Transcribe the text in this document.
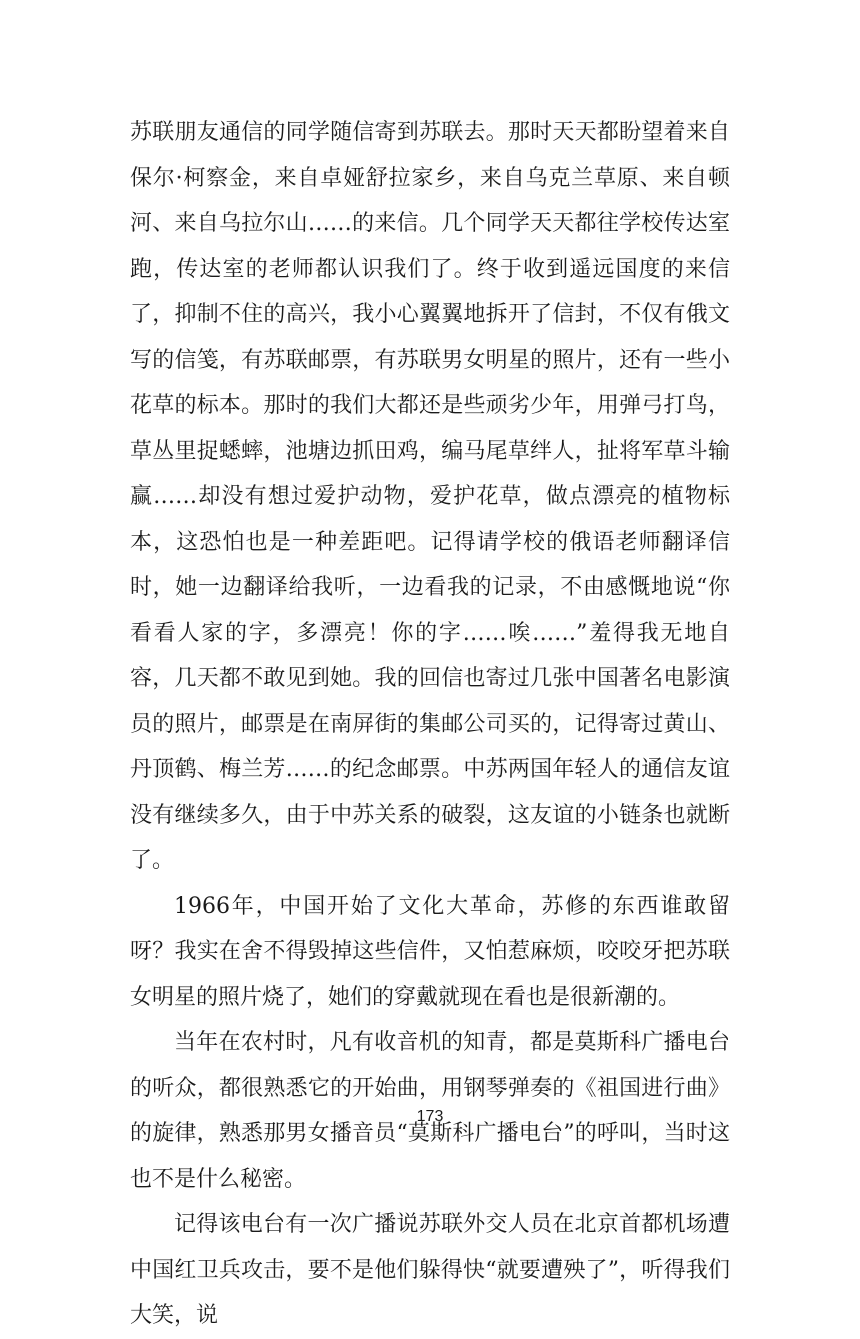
苏联朋友通信的同学随信寄到苏联去。那时天天都盼望着来自保尔·柯察金，来自卓娅舒拉家乡，来自乌克兰草原、来自顿河、来自乌拉尔山……的来信。几个同学天天都往学校传达室跑，传达室的老师都认识我们了。终于收到遥远国度的来信了，抑制不住的高兴，我小心翼翼地拆开了信封，不仅有俄文写的信笺，有苏联邮票，有苏联男女明星的照片，还有一些小花草的标本。那时的我们大都还是些顽劣少年，用弹弓打鸟，草丛里捉蟋蟀，池塘边抓田鸡，编马尾草绊人，扯将军草斗输赢……却没有想过爱护动物，爱护花草，做点漂亮的植物标本，这恐怕也是一种差距吧。记得请学校的俄语老师翻译信时，她一边翻译给我听，一边看我的记录，不由感慨地说“你看看人家的字，多漂亮！你的字……唉……”羞得我无地自容，几天都不敢见到她。我的回信也寄过几张中国著名电影演员的照片，邮票是在南屏街的集邮公司买的，记得寄过黄山、丹顶鹤、梅兰芳……的纪念邮票。中苏两国年轻人的通信友谊没有继续多久，由于中苏关系的破裂，这友谊的小链条也就断了。

1966年，中国开始了文化大革命，苏修的东西谁敢留呀？我实在舍不得毁掉这些信件，又怕惹麻烦，咬咬牙把苏联女明星的照片烧了，她们的穿戴就现在看也是很新潮的。

当年在农村时，凡有收音机的知青，都是莫斯科广播电台的听众，都很熟悉它的开始曲，用钢琴弹奏的《祖国进行曲》的旋律，熟悉那男女播音员“莫斯科广播电台”的呼叫，当时这也不是什么秘密。

记得该电台有一次广播说苏联外交人员在北京首都机场遭中国红卫兵攻击，要不是他们躲得快“就要遭殃了”，听得我们大笑，说

173
